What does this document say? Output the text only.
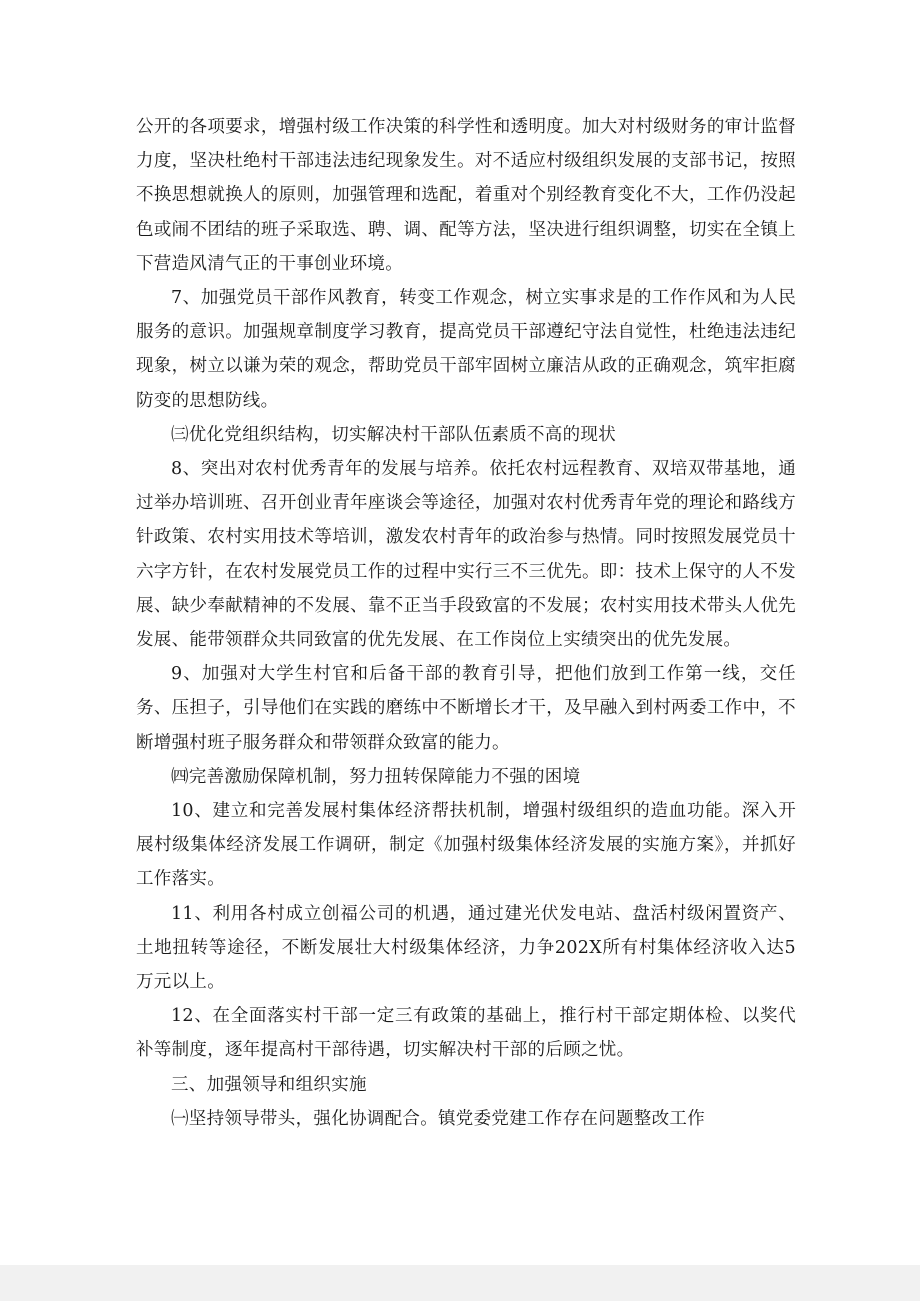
公开的各项要求，增强村级工作决策的科学性和透明度。加大对村级财务的审计监督力度，坚决杜绝村干部违法违纪现象发生。对不适应村级组织发展的支部书记，按照不换思想就换人的原则，加强管理和选配，着重对个别经教育变化不大，工作仍没起色或闹不团结的班子采取选、聘、调、配等方法，坚决进行组织调整，切实在全镇上下营造风清气正的干事创业环境。

7、加强党员干部作风教育，转变工作观念，树立实事求是的工作作风和为人民服务的意识。加强规章制度学习教育，提高党员干部遵纪守法自觉性，杜绝违法违纪现象，树立以谦为荣的观念，帮助党员干部牢固树立廉洁从政的正确观念，筑牢拒腐防变的思想防线。

㈢优化党组织结构，切实解决村干部队伍素质不高的现状

8、突出对农村优秀青年的发展与培养。依托农村远程教育、双培双带基地，通过举办培训班、召开创业青年座谈会等途径，加强对农村优秀青年党的理论和路线方针政策、农村实用技术等培训，激发农村青年的政治参与热情。同时按照发展党员十六字方针，在农村发展党员工作的过程中实行三不三优先。即：技术上保守的人不发展、缺少奉献精神的不发展、靠不正当手段致富的不发展；农村实用技术带头人优先发展、能带领群众共同致富的优先发展、在工作岗位上实绩突出的优先发展。

9、加强对大学生村官和后备干部的教育引导，把他们放到工作第一线，交任务、压担子，引导他们在实践的磨练中不断增长才干，及早融入到村两委工作中，不断增强村班子服务群众和带领群众致富的能力。

㈣完善激励保障机制，努力扭转保障能力不强的困境

10、建立和完善发展村集体经济帮扶机制，增强村级组织的造血功能。深入开展村级集体经济发展工作调研，制定《加强村级集体经济发展的实施方案》，并抓好工作落实。

11、利用各村成立创福公司的机遇，通过建光伏发电站、盘活村级闲置资产、土地扭转等途径，不断发展壮大村级集体经济，力争202X所有村集体经济收入达5万元以上。

12、在全面落实村干部一定三有政策的基础上，推行村干部定期体检、以奖代补等制度，逐年提高村干部待遇，切实解决村干部的后顾之忧。

三、加强领导和组织实施

㈠坚持领导带头，强化协调配合。镇党委党建工作存在问题整改工作
